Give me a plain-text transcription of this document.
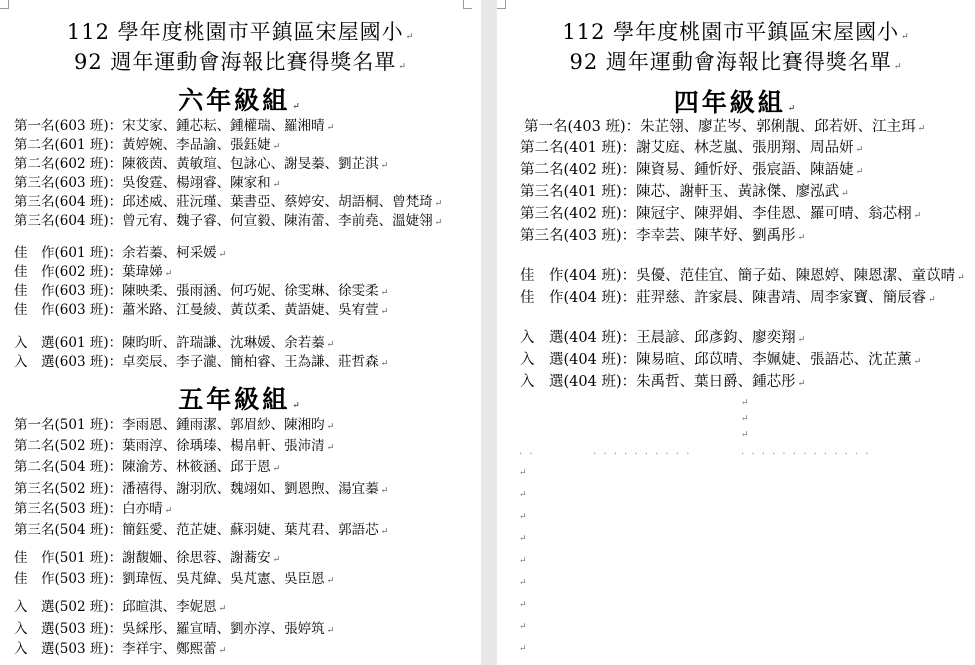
112 學年度桃園市平鎮區宋屋國小 ↵
92 週年運動會海報比賽得獎名單 ↵
六年級組 ↵
第一名(603 班)：宋艾家、鍾芯耘、鍾權瑞、羅湘晴 ↵
第二名(601 班)：黃婷婉、李品諭、張鈺婕 ↵
第二名(602 班)：陳筱茵、黃敏瑄、包詠心、謝旻蓁、劉芷淇 ↵
第三名(603 班)：吳俊霆、楊翊睿、陳家和 ↵
第三名(604 班)：邱述威、莊沅瑾、葉書亞、蔡婷安、胡語桐、曾梵琦 ↵
第三名(604 班)：曾元宥、魏子睿、何宣毅、陳洧蕾、李前堯、溫婕翎 ↵
佳　作(601 班)：余若蓁、柯采媛 ↵
佳　作(602 班)：葉瑋娣 ↵
佳　作(603 班)：陳映柔、張雨涵、何巧妮、徐雯琳、徐雯柔 ↵
佳　作(603 班)：蕭米路、江曼綾、黃苡柔、黃語婕、吳宥萱 ↵
入　選(601 班)：陳昀昕、許瑞謙、沈琳媛、余若蓁 ↵
入　選(603 班)：卓奕辰、李子瀧、簡柏睿、王為謙、莊哲森 ↵
五年級組 ↵
第一名(501 班)：李雨恩、鍾雨潔、郭眉紗、陳湘昀 ↵
第二名(502 班)：葉雨淳、徐瑀瑧、楊帛軒、張沛清 ↵
第二名(504 班)：陳渝芳、林筱涵、邱于恩 ↵
第三名(502 班)：潘禧得、謝羽欣、魏翊如、劉恩煦、湯宜蓁 ↵
第三名(503 班)：白亦晴 ↵
第三名(504 班)：簡鈺愛、范芷婕、蘇羽婕、葉芃君、郭語芯 ↵
佳　作(501 班)：謝馥姍、徐思蓉、謝蕎安 ↵
佳　作(503 班)：劉瑋恆、吳芃緯、吳芃憲、吳臣恩 ↵
入　選(502 班)：邱暄淇、李妮恩 ↵
入　選(503 班)：吳綵彤、羅宣晴、劉亦淳、張婷筑 ↵
入　選(503 班)：李祥宇、鄭熙蕾 ↵
112 學年度桃園市平鎮區宋屋國小 ↵
92 週年運動會海報比賽得獎名單 ↵
四年級組 ↵
第一名(403 班)：朱芷翎、廖芷岑、郭俐靚、邱若妍、江主珥 ↵
第二名(401 班)：謝艾庭、林芝嵐、張朋翔、周品妍 ↵
第二名(402 班)：陳資易、鍾忻妤、張宸語、陳語婕 ↵
第三名(401 班)：陳芯、謝軒玉、黃詠傑、廖泓武 ↵
第三名(402 班)：陳冠宇、陳羿娟、李佳恩、羅可晴、翁芯栩 ↵
第三名(403 班)：李幸芸、陳芊妤、劉禹彤 ↵
佳　作(404 班)：吳優、范佳宜、簡子茹、陳恩婷、陳恩潔、童苡晴 ↵
佳　作(404 班)：莊羿慈、許家晨、陳書靖、周李家寶、簡辰睿 ↵
入　選(404 班)：王晨諺、邱彥鈞、廖奕翔 ↵
入　選(404 班)：陳易暄、邱苡晴、李姵婕、張語芯、沈芷薰 ↵
入　選(404 班)：朱禹哲、葉日爵、鍾芯彤 ↵
↵
↵
↵
. .	. . . . . . . . . .	. . . . . . . . . . . . .
↵
↵
↵
↵
↵
↵
↵
↵
↵
